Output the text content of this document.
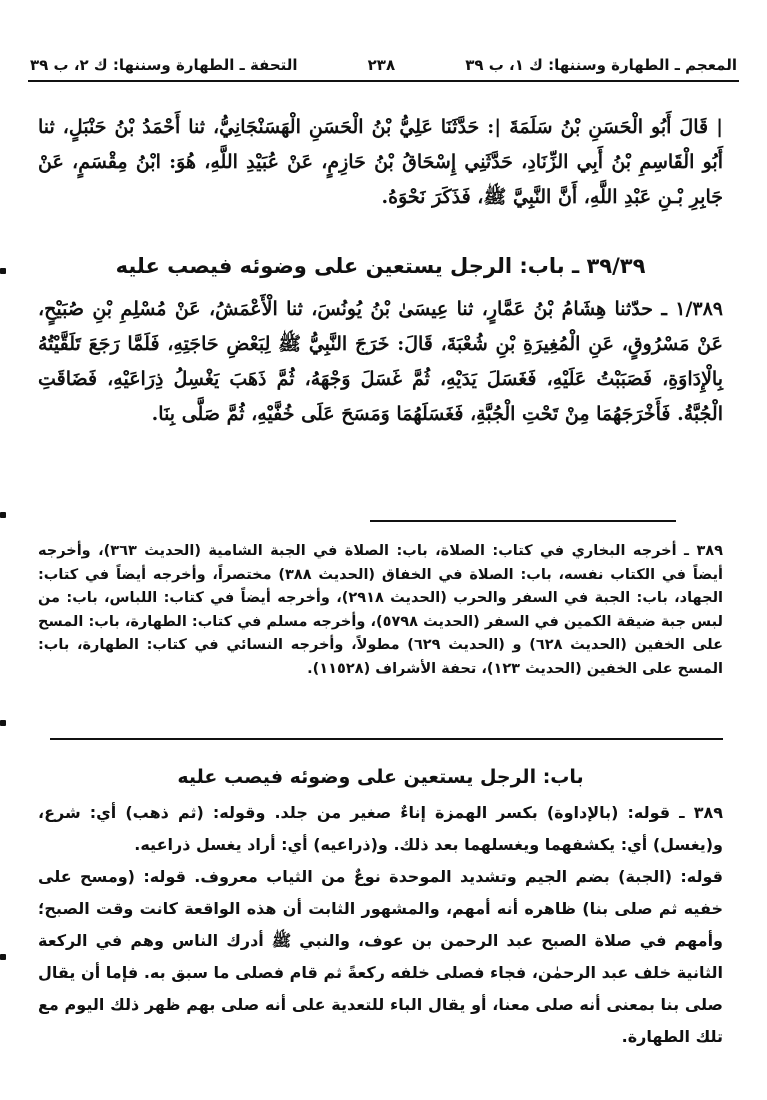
المعجم ـ الطهارة وسننها: ك ١، ب ٣٩
٢٣٨
التحفة ـ الطهارة وسننها: ك ٢، ب ٣٩
| قَالَ أَبُو الْحَسَنِ بْنُ سَلَمَةَ |: حَدَّثَنَا عَلِيُّ بْنُ الْحَسَنِ الْهَسَنْجَانِيُّ، ثنا أَحْمَدُ بْنُ حَنْبَلٍ، ثنا أَبُو الْقَاسِمِ بْنُ أَبِي الزِّنَادِ، حَدَّثَنِي إِسْحَاقُ بْنُ حَازِمٍ، عَنْ عُبَيْدِ اللَّهِ، هُوَ: ابْنُ مِقْسَمٍ، عَنْ جَابِرِ بْـنِ عَبْدِ اللَّهِ، أَنَّ النَّبِيَّ ﷺ، فَذَكَرَ نَحْوَهُ.
٣٩/٣٩ ـ باب: الرجل يستعين على وضوئه فيصب عليه
١/٣٨٩ ـ حدّثنا هِشَامُ بْنُ عَمَّارٍ، ثنا عِيسَىٰ بْنُ يُونُسَ، ثنا الْأَعْمَشُ، عَنْ مُسْلِمِ بْنِ صُبَيْحٍ، عَنْ مَسْرُوقٍ، عَنِ الْمُغِيرَةِ بْنِ شُعْبَةَ، قَالَ: خَرَجَ النَّبِيُّ ﷺ لِبَعْضِ حَاجَتِهِ، فَلَمَّا رَجَعَ تَلَقَّيْتُهُ بِالْإِدَاوَةِ، فَصَبَبْتُ عَلَيْهِ، فَغَسَلَ يَدَيْهِ، ثُمَّ غَسَلَ وَجْهَهُ، ثُمَّ ذَهَبَ يَغْسِلُ ذِرَاعَيْهِ، فَضَاقَتِ الْجُبَّةُ. فَأَخْرَجَهُمَا مِنْ تَحْتِ الْجُبَّةِ، فَغَسَلَهُمَا وَمَسَحَ عَلَى خُفَّيْهِ، ثُمَّ صَلَّى بِنَا.
٣٨٩ ـ أخرجه البخاري في كتاب: الصلاة، باب: الصلاة في الجبة الشامية (الحديث ٣٦٣)، وأخرجه أيضاً في الكتاب نفسه، باب: الصلاة في الخفاق (الحديث ٣٨٨) مختصراً، وأخرجه أيضاً في كتاب: الجهاد، باب: الجبة في السفر والحرب (الحديث ٢٩١٨)، وأخرجه أيضاً في كتاب: اللباس، باب: من لبس جبة ضيقة الكمين في السفر (الحديث ٥٧٩٨)، وأخرجه مسلم في كتاب: الطهارة، باب: المسح على الخفين (الحديث ٦٢٨) و (الحديث ٦٢٩) مطولاً، وأخرجه النسائي في كتاب: الطهارة، باب: المسح على الخفين (الحديث ١٢٣)، تحفة الأشراف (١١٥٢٨).
باب: الرجل يستعين على وضوئه فيصب عليه
٣٨٩ ـ قوله: (بالإداوة) بكسر الهمزة إناءٌ صغير من جلد. وقوله: (ثم ذهب) أي: شرع، و(يغسل) أي: يكشفهما ويغسلهما بعد ذلك. و(ذراعيه) أي: أراد يغسل ذراعيه.
قوله: (الجبة) بضم الجيم وتشديد الموحدة نوعٌ من الثياب معروف. قوله: (ومسح على خفيه ثم صلى بنا) ظاهره أنه أمهم، والمشهور الثابت أن هذه الواقعة كانت وقت الصبح؛ وأمهم في صلاة الصبح عبد الرحمن بن عوف، والنبي ﷺ أدرك الناس وهم في الركعة الثانية خلف عبد الرحمٰن، فجاء فصلى خلفه ركعةً ثم قام فصلى ما سبق به. فإما أن يقال صلى بنا بمعنى أنه صلى معنا، أو يقال الباء للتعدية على أنه صلى بهم ظهر ذلك اليوم مع تلك الطهارة.
